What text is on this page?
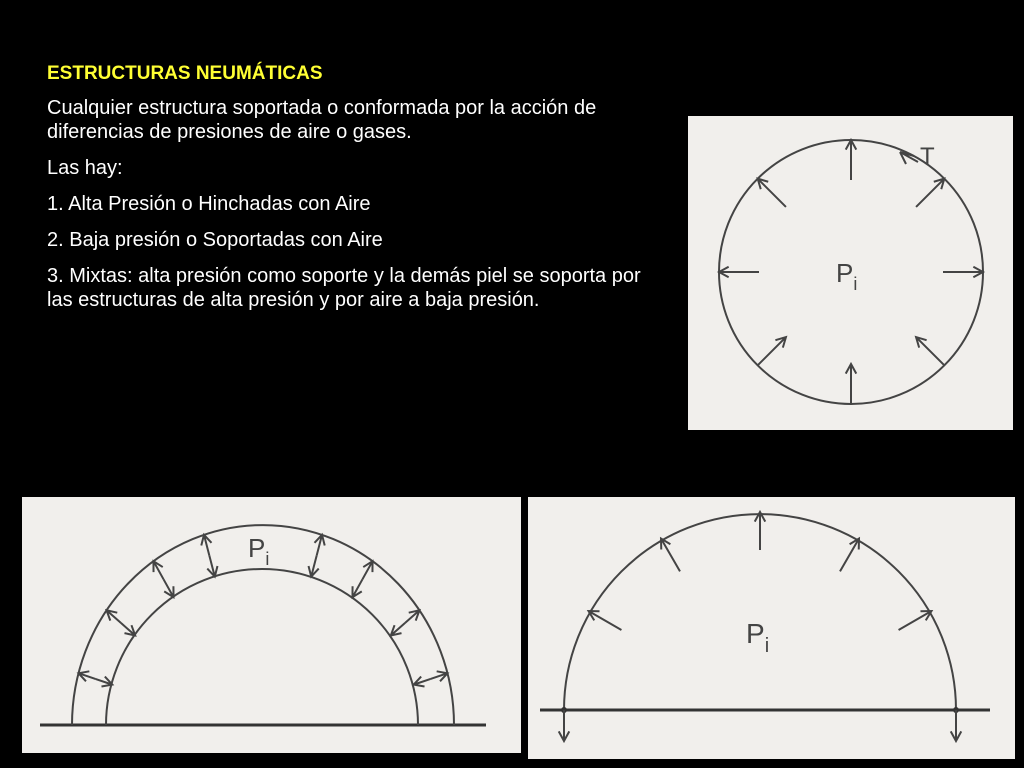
ESTRUCTURAS NEUMÁTICAS

Cualquier estructura soportada o conformada por la acción de diferencias de presiones de aire o gases.

Las hay:

1. Alta Presión o Hinchadas con Aire

2. Baja presión o Soportadas con Aire

3. Mixtas: alta presión como soporte y la demás piel se soporta por las estructuras de alta presión y por aire a baja presión.

$P_i$
T
$P_i$
$P_i$
